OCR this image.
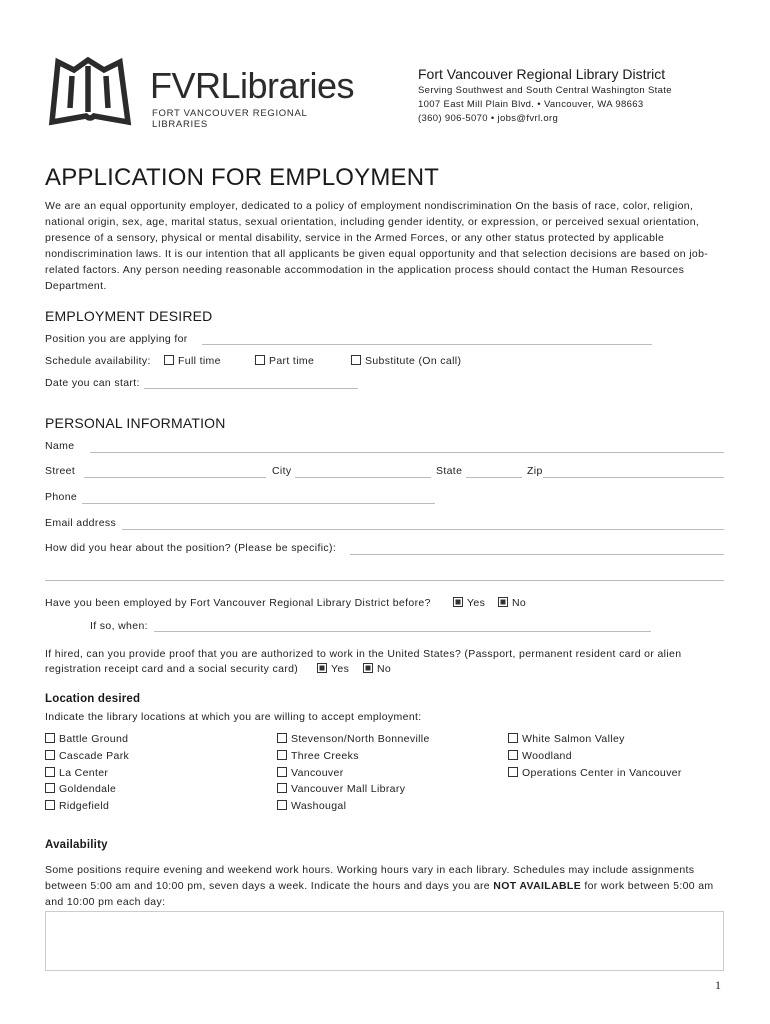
FVRLibraries
FORT VANCOUVER REGIONAL LIBRARIES
Fort Vancouver Regional Library District
Serving Southwest and South Central Washington State
1007 East Mill Plain Blvd. • Vancouver, WA 98663
(360) 906-5070 • jobs@fvrl.org
APPLICATION FOR EMPLOYMENT
We are an equal opportunity employer, dedicated to a policy of employment nondiscrimination On the basis of race, color, religion, national origin, sex, age, marital status, sexual orientation, including gender identity, or expression, or perceived sexual orientation, presence of a sensory, physical or mental disability, service in the Armed Forces, or any other status protected by applicable nondiscrimination laws. It is our intention that all applicants be given equal opportunity and that selection decisions are based on job-related factors. Any person needing reasonable accommodation in the application process should contact the Human Resources Department.
EMPLOYMENT DESIRED
Position you are applying for
Schedule availability:	Full time	Part time	Substitute (On call)
Date you can start:
PERSONAL INFORMATION
Name
Street	City	State	Zip
Phone
Email address
How did you hear about the position? (Please be specific):
Have you been employed by Fort Vancouver Regional Library District before?	Yes	No
If so, when:
If hired, can you provide proof that you are authorized to work in the United States? (Passport, permanent resident card or alien
registration receipt card and a social security card)	Yes	No
Location desired
Indicate the library locations at which you are willing to accept employment:
Battle Ground
Cascade Park
La Center
Goldendale
Ridgefield
Stevenson/North Bonneville
Three Creeks
Vancouver
Vancouver Mall Library
Washougal
White Salmon Valley
Woodland
Operations Center in Vancouver
Availability
Some positions require evening and weekend work hours. Working hours vary in each library. Schedules may include assignments between 5:00 am and 10:00 pm, seven days a week. Indicate the hours and days you are NOT AVAILABLE for work between 5:00 am and 10:00 pm each day:
1
